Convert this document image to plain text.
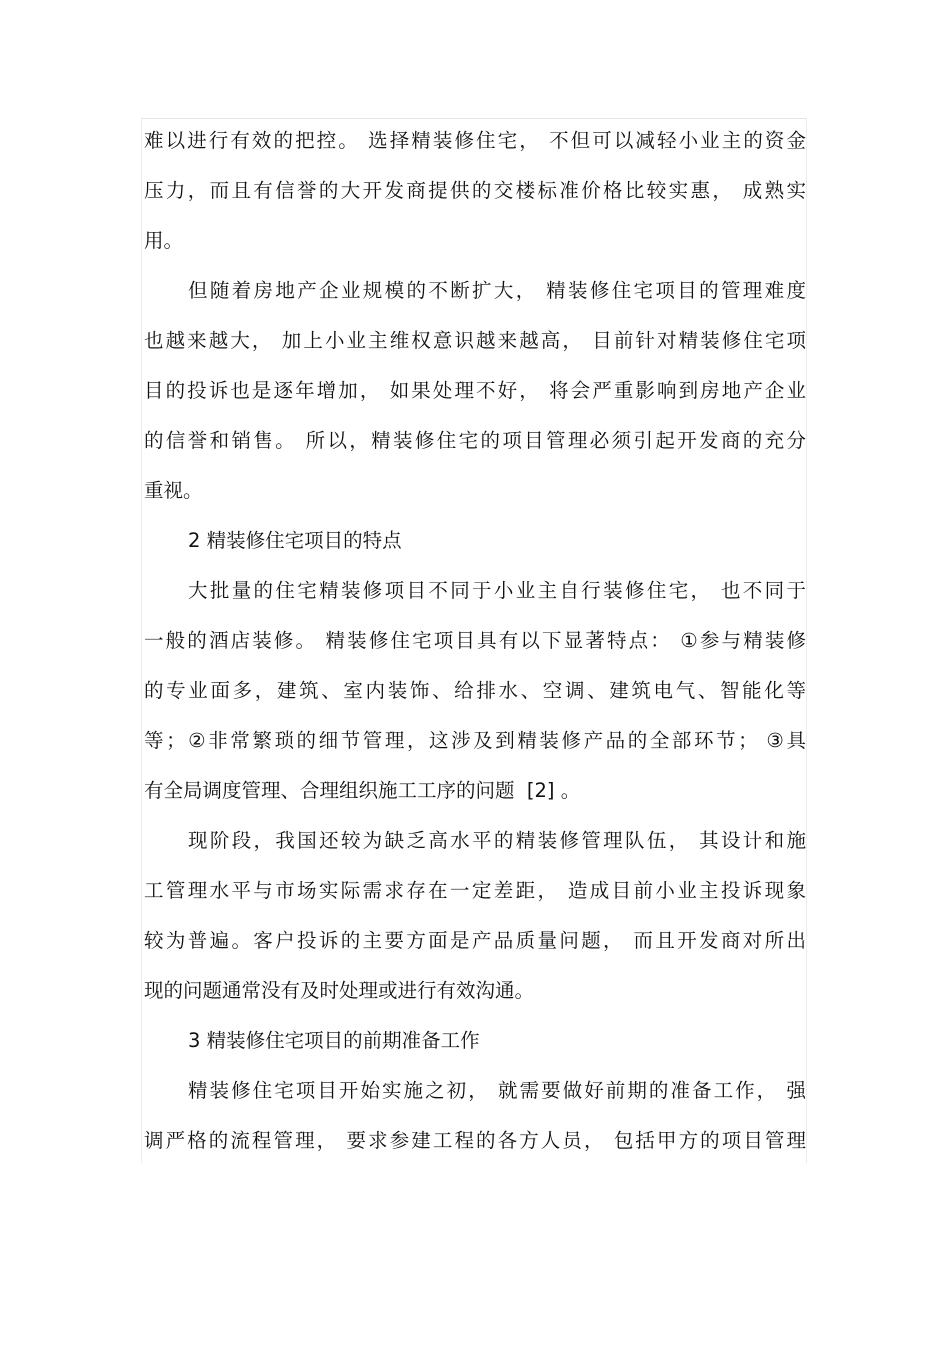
难以进行有效的把控。 选择精装修住宅， 不但可以减轻小业主的资金
压力，而且有信誉的大开发商提供的交楼标准价格比较实惠， 成熟实
用。
但随着房地产企业规模的不断扩大， 精装修住宅项目的管理难度
也越来越大， 加上小业主维权意识越来越高， 目前针对精装修住宅项
目的投诉也是逐年增加， 如果处理不好， 将会严重影响到房地产企业
的信誉和销售。 所以，精装修住宅的项目管理必须引起开发商的充分
重视。
2 精装修住宅项目的特点
大批量的住宅精装修项目不同于小业主自行装修住宅， 也不同于
一般的酒店装修。 精装修住宅项目具有以下显著特点： ①参与精装修
的专业面多，建筑、室内装饰、给排水、空调、建筑电气、智能化等
等；②非常繁琐的细节管理，这涉及到精装修产品的全部环节； ③具
有全局调度管理、合理组织施工工序的问题  [2] 。
现阶段，我国还较为缺乏高水平的精装修管理队伍， 其设计和施
工管理水平与市场实际需求存在一定差距， 造成目前小业主投诉现象
较为普遍。客户投诉的主要方面是产品质量问题， 而且开发商对所出
现的问题通常没有及时处理或进行有效沟通。
3 精装修住宅项目的前期准备工作
精装修住宅项目开始实施之初， 就需要做好前期的准备工作， 强
调严格的流程管理， 要求参建工程的各方人员， 包括甲方的项目管理
